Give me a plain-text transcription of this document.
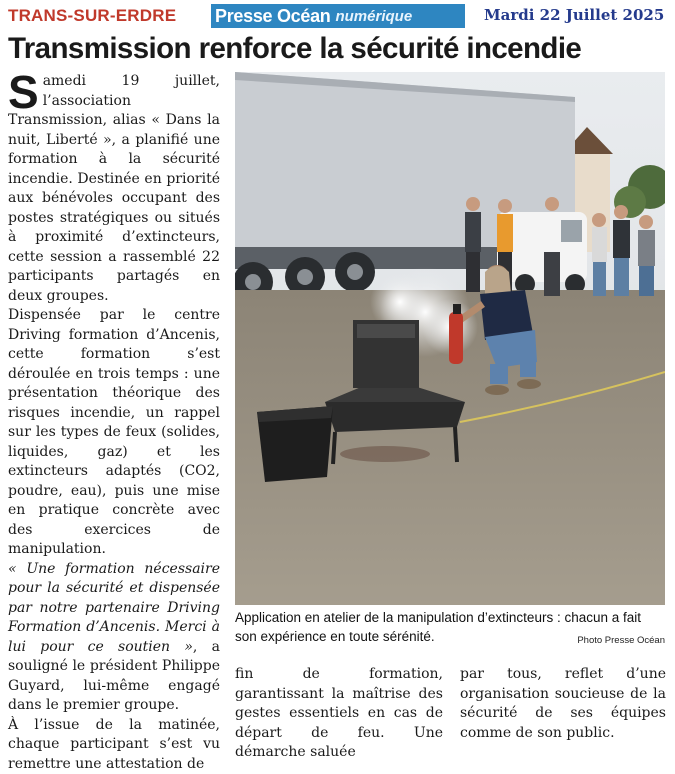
TRANS-SUR-ERDRE Presse Océan numérique	Mardi 22 Juillet 2025
Transmission renforce la sécurité incendie
S amedi 19 juillet, l’association Transmission, alias « Dans la nuit, Liberté », a planifié une formation à la sécurité incendie. Destinée en priorité aux bénévoles occupant des postes stratégiques ou situés à proximité d’extincteurs, cette session a rassemblé 22 participants partagés en deux groupes.

Dispensée par le centre Driving formation d’Ancenis, cette formation s’est déroulée en trois temps : une présentation théorique des risques incendie, un rappel sur les types de feux (solides, liquides, gaz) et les extincteurs adaptés (CO2, poudre, eau), puis une mise en pratique concrète avec des exercices de manipulation.

« Une formation nécessaire pour la sécurité et dispensée par notre partenaire Driving Formation d’Ancenis. Merci à lui pour ce soutien », a souligné le président Philippe Guyard, lui-même engagé dans le premier groupe.

À l’issue de la matinée, chaque participant s’est vu remettre une attestation de

Application en atelier de la manipulation d’extincteurs : chacun a fait son expérience en toute sérénité.	Photo Presse Océan

fin de formation, garantissant la maîtrise des gestes essentiels en cas de départ de feu. Une démarche saluée

par tous, reflet d’une organisation soucieuse de la sécurité de ses équipes comme de son public.
